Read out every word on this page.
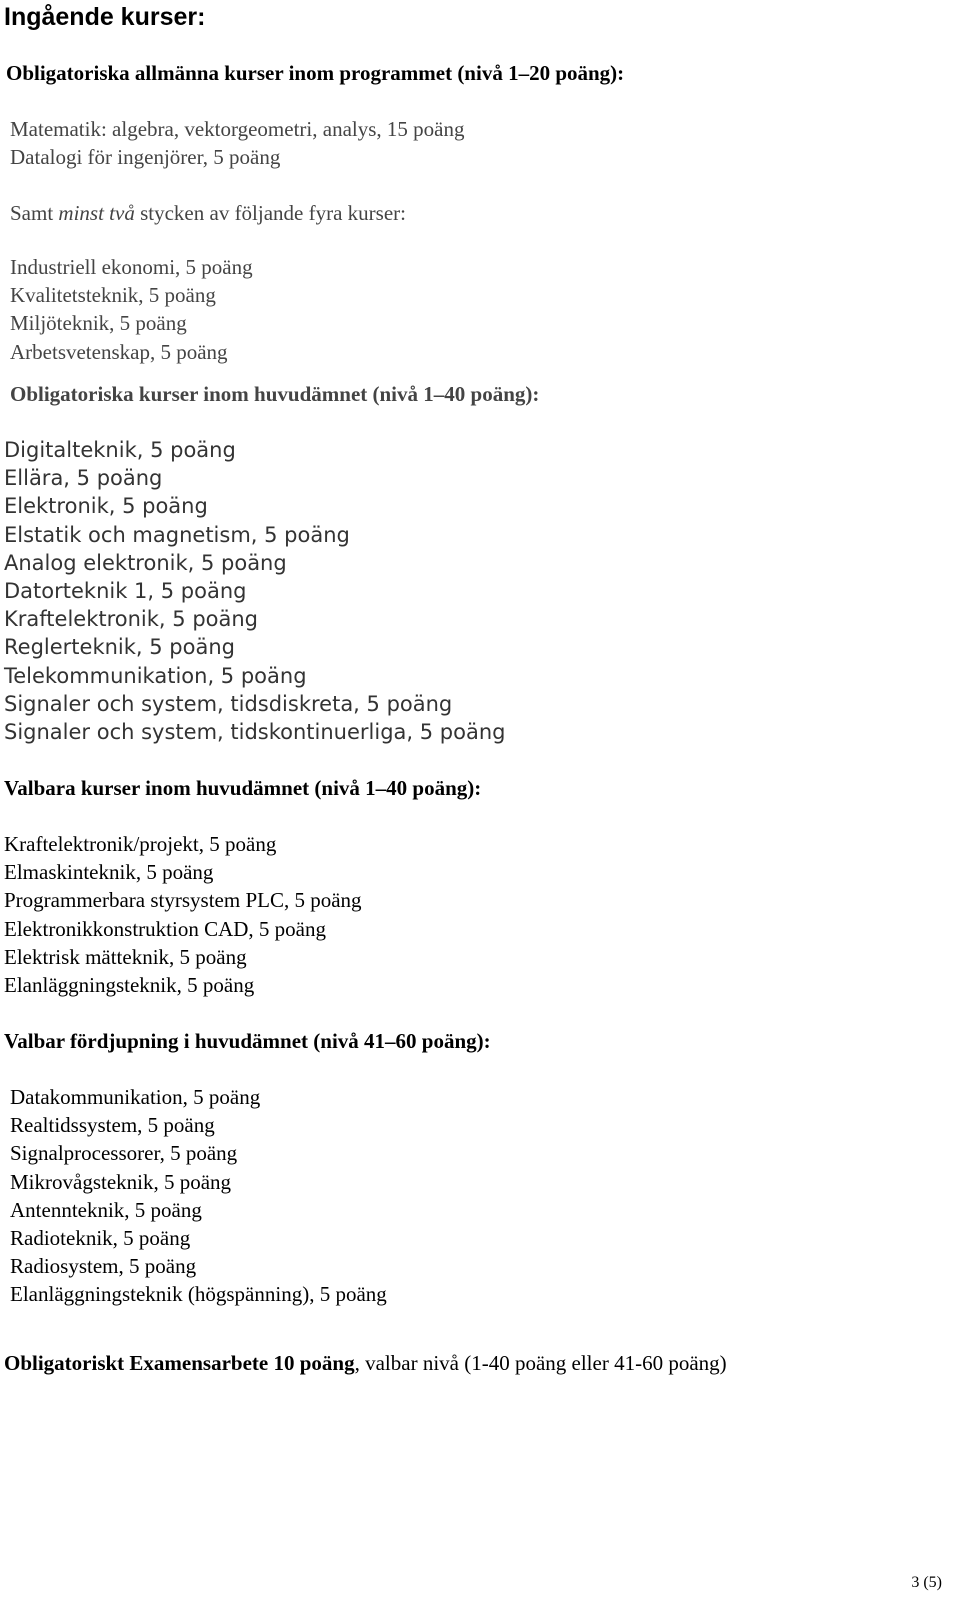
Ingående kurser:
Obligatoriska allmänna kurser inom programmet (nivå 1–20 poäng):
Matematik: algebra, vektorgeometri, analys, 15 poäng
Datalogi för ingenjörer, 5 poäng

Samt minst två stycken av följande fyra kurser:

Industriell ekonomi, 5 poäng
Kvalitetsteknik, 5 poäng
Miljöteknik, 5 poäng
Arbetsvetenskap, 5 poäng
Obligatoriska kurser inom huvudämnet (nivå 1–40 poäng):
Digitalteknik, 5 poäng
Ellära, 5 poäng
Elektronik, 5 poäng
Elstatik och magnetism, 5 poäng
Analog elektronik, 5 poäng
Datorteknik 1, 5 poäng
Kraftelektronik, 5 poäng
Reglerteknik, 5 poäng
Telekommunikation, 5 poäng
Signaler och system, tidsdiskreta, 5 poäng
Signaler och system, tidskontinuerliga, 5 poäng
Valbara kurser inom huvudämnet (nivå 1–40 poäng):
Kraftelektronik/projekt, 5 poäng
Elmaskinteknik, 5 poäng
Programmerbara styrsystem PLC, 5 poäng
Elektronikkonstruktion CAD, 5 poäng
Elektrisk mätteknik, 5 poäng
Elanläggningsteknik, 5 poäng
Valbar fördjupning i huvudämnet (nivå 41–60 poäng):
Datakommunikation, 5 poäng
Realtidssystem, 5 poäng
Signalprocessorer, 5 poäng
Mikrovågsteknik, 5 poäng
Antennteknik, 5 poäng
Radioteknik, 5 poäng
Radiosystem, 5 poäng
Elanläggningsteknik (högspänning), 5 poäng

Obligatoriskt Examensarbete 10 poäng, valbar nivå (1-40 poäng eller 41-60 poäng)

3 (5)
